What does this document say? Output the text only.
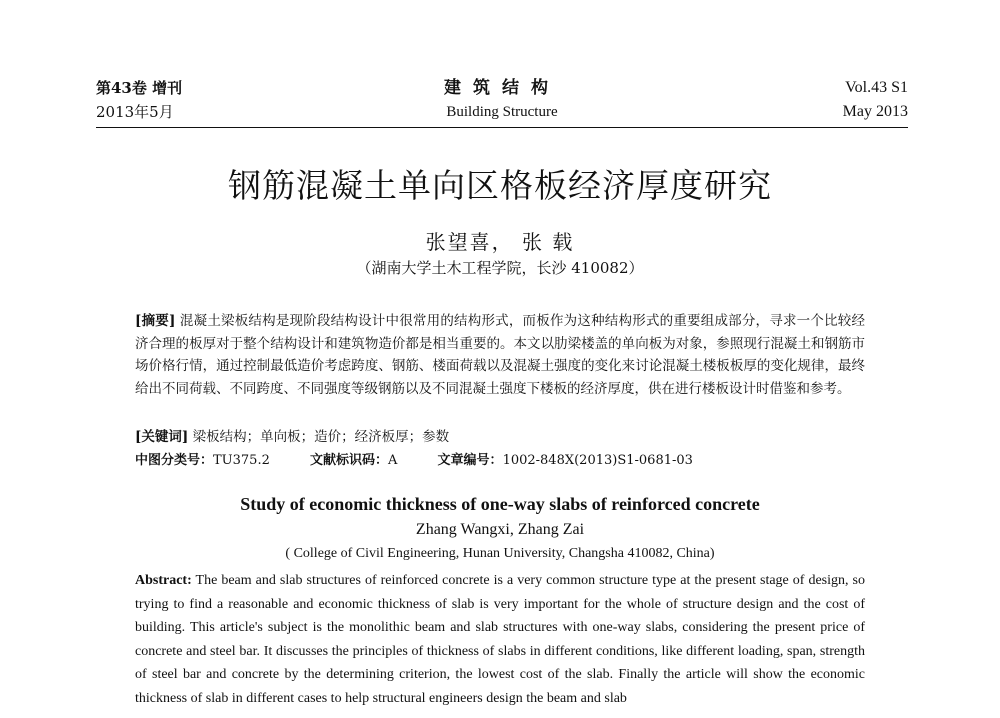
第43卷 增刊
2013年5月
建筑结构
Building Structure
Vol.43 S1
May 2013
钢筋混凝土单向区格板经济厚度研究
张望喜， 张 载
（湖南大学土木工程学院，长沙 410082）
[摘要] 混凝土梁板结构是现阶段结构设计中很常用的结构形式，而板作为这种结构形式的重要组成部分，寻求一个比较经济合理的板厚对于整个结构设计和建筑物造价都是相当重要的。本文以肋梁楼盖的单向板为对象，参照现行混凝土和钢筋市场价格行情，通过控制最低造价考虑跨度、钢筋、楼面荷载以及混凝土强度的变化来讨论混凝土楼板板厚的变化规律，最终给出不同荷载、不同跨度、不同强度等级钢筋以及不同混凝土强度下楼板的经济厚度，供在进行楼板设计时借鉴和参考。
[关键词] 梁板结构；单向板；造价；经济板厚；参数
中图分类号：TU375.2	文献标识码：A	文章编号：1002-848X(2013)S1-0681-03
Study of economic thickness of one-way slabs of reinforced concrete
Zhang Wangxi, Zhang Zai
( College of Civil Engineering, Hunan University, Changsha 410082, China)
Abstract: The beam and slab structures of reinforced concrete is a very common structure type at the present stage of design, so trying to find a reasonable and economic thickness of slab is very important for the whole of structure design and the cost of building. This article's subject is the monolithic beam and slab structures with one-way slabs, considering the present price of concrete and steel bar. It discusses the principles of thickness of slabs in different conditions, like different loading, span, strength of steel bar and concrete by the determining criterion, the lowest cost of the slab. Finally the article will show the economic thickness of slab in different cases to help structural engineers design the beam and slab
